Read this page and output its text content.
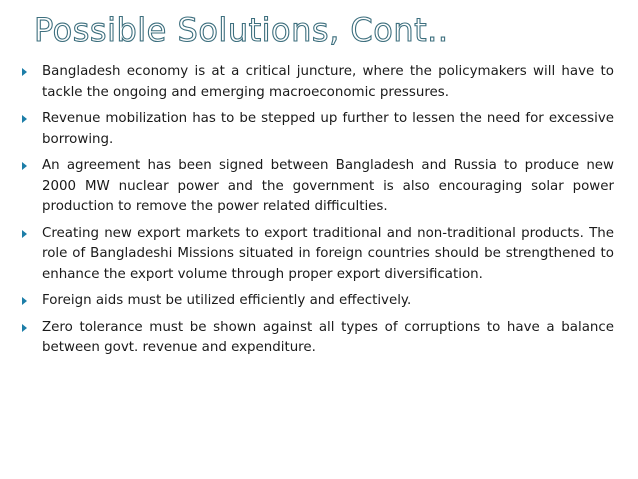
Possible Solutions, Cont..
Bangladesh economy is at a critical juncture, where the policymakers will have to tackle the ongoing and emerging macroeconomic pressures.
Revenue mobilization has to be stepped up further to lessen the need for excessive borrowing.
An agreement has been signed between Bangladesh and Russia to produce new 2000 MW nuclear power and the government is also encouraging solar power production to remove the power related difficulties.
Creating new export markets to export traditional and non-traditional products. The role of Bangladeshi Missions situated in foreign countries should be strengthened to enhance the export volume through proper export diversification.
Foreign aids must be utilized efficiently and effectively.
Zero tolerance must be shown against all types of corruptions to have a balance between govt. revenue and expenditure.
